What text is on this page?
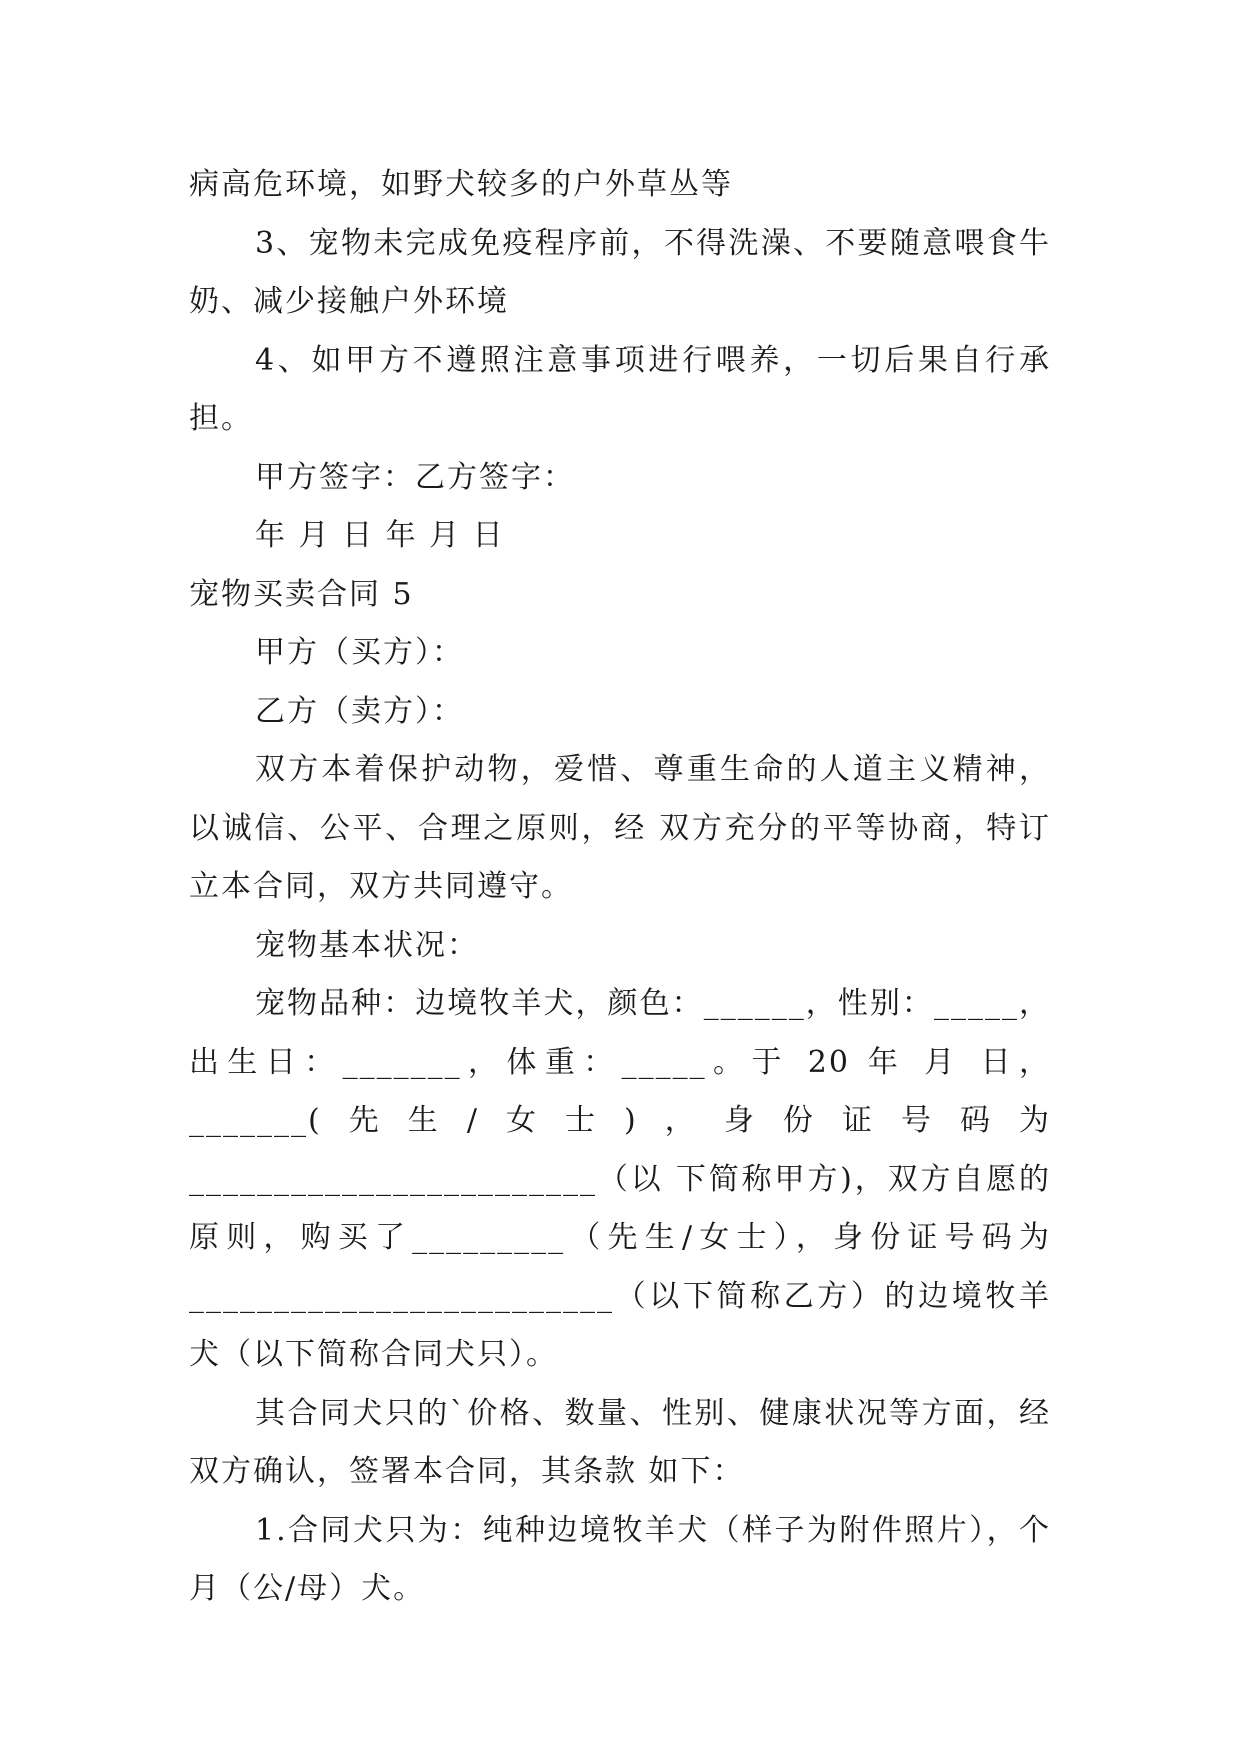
病高危环境，如野犬较多的户外草丛等

3、宠物未完成免疫程序前，不得洗澡、不要随意喂食牛奶、减少接触户外环境

4、如甲方不遵照注意事项进行喂养，一切后果自行承担。

甲方签字：乙方签字：

年 月 日 年 月 日

宠物买卖合同 5

甲方（买方）：

乙方（卖方）：

双方本着保护动物，爱惜、尊重生命的人道主义精神，以诚信、公平、合理之原则，经 双方充分的平等协商，特订立本合同，双方共同遵守。

宠物基本状况：

宠物品种：边境牧羊犬，颜色：______，性别：_____，出生日：_______，体重：_____。于 20 年 月 日，_______(先生/女士)，身份证号码为________________________（以 下简称甲方)，双方自愿的原则，购买了_________（先生/女士），身份证号码为_________________________（以下简称乙方）的边境牧羊犬（以下简称合同犬只）。

其合同犬只的`价格、数量、性别、健康状况等方面，经双方确认，签署本合同，其条款 如下：

1.合同犬只为：纯种边境牧羊犬（样子为附件照片），个月（公/母）犬。
